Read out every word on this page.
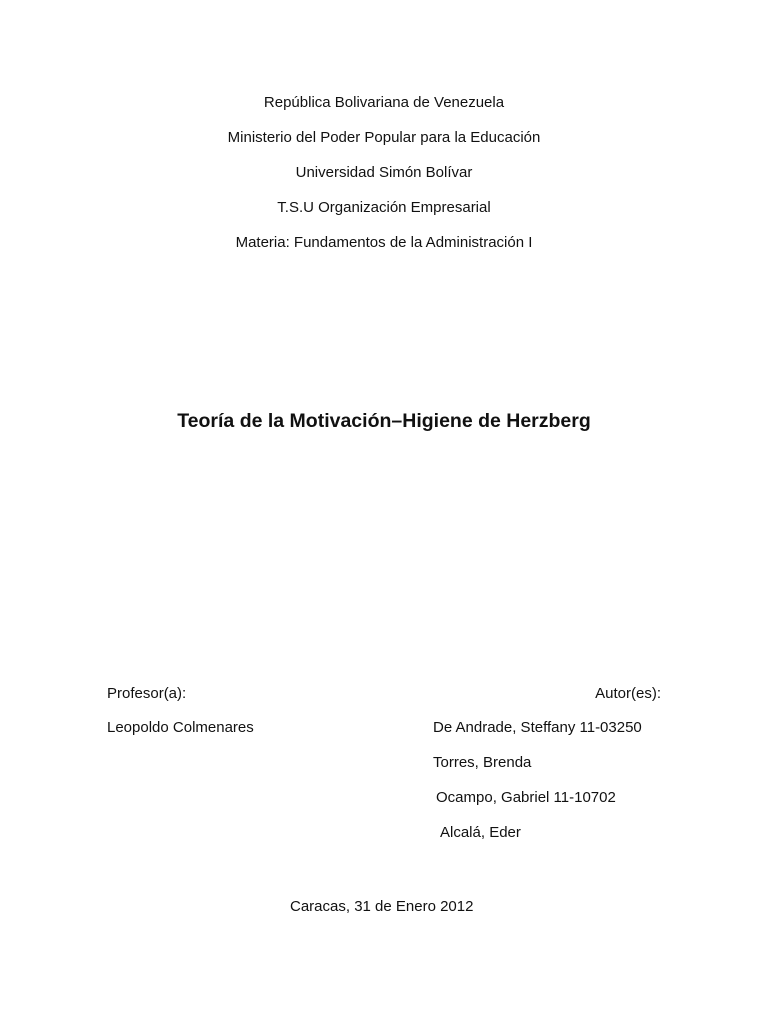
República Bolivariana de Venezuela
Ministerio del Poder Popular para la Educación
Universidad Simón Bolívar
T.S.U Organización Empresarial
Materia: Fundamentos de la Administración I
Teoría de la Motivación–Higiene de Herzberg
Profesor(a):	Autor(es):
Leopoldo Colmenares	De Andrade, Steffany 11-03250
Torres, Brenda
Ocampo, Gabriel 11-10702
Alcalá, Eder
Caracas, 31 de Enero 2012
